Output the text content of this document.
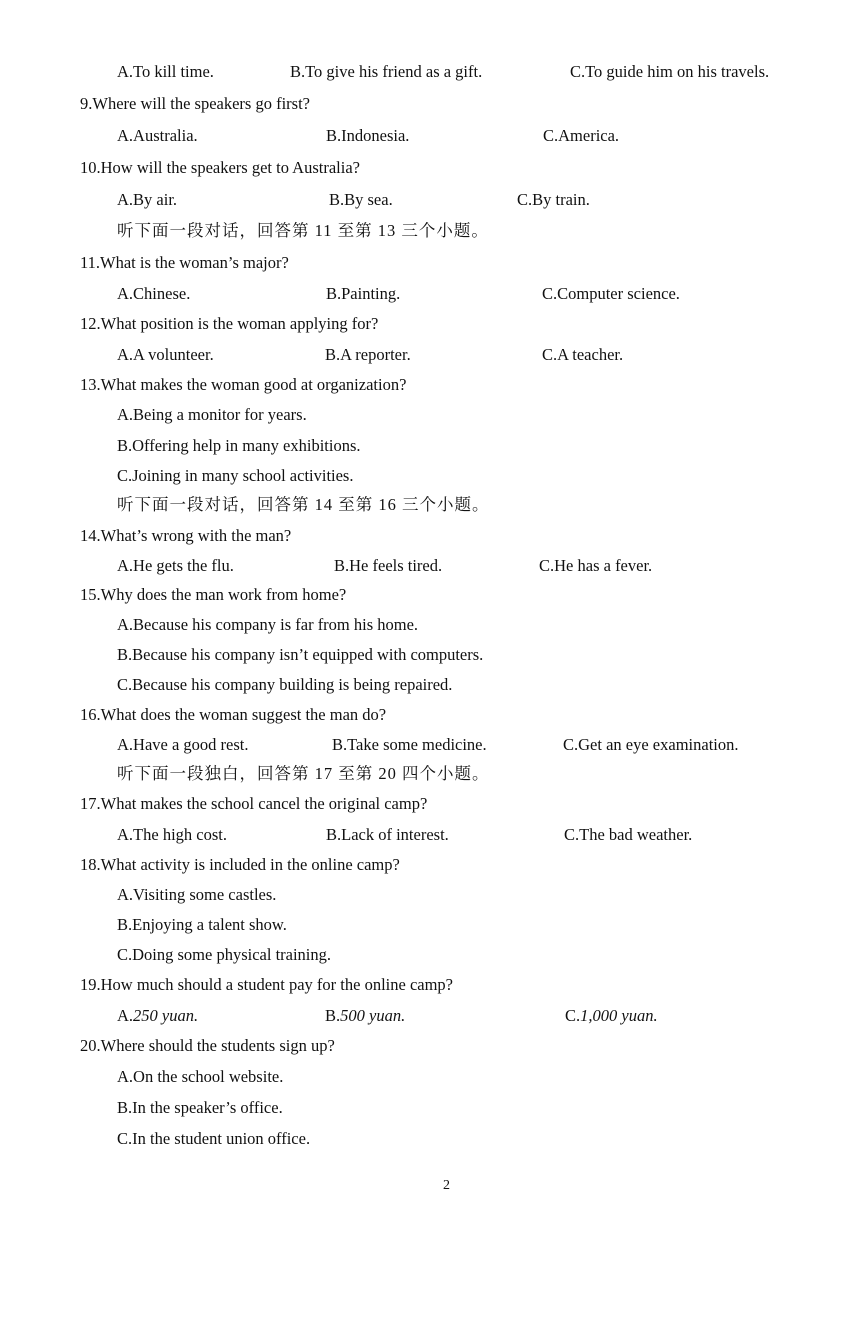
A.To kill time.	B.To give his friend as a gift.	C.To guide him on his travels.
9.Where will the speakers go first?
A.Australia.	B.Indonesia.	C.America.
10.How will the speakers get to Australia?
A.By air.	B.By sea.	C.By train.
听下面一段对话，回答第 11 至第 13 三个小题。
11.What is the woman’s major?
A.Chinese.	B.Painting.	C.Computer science.
12.What position is the woman applying for?
A.A volunteer.	B.A reporter.	C.A teacher.
13.What makes the woman good at organization?
A.Being a monitor for years.
B.Offering help in many exhibitions.
C.Joining in many school activities.
听下面一段对话，回答第 14 至第 16 三个小题。
14.What’s wrong with the man?
A.He gets the flu.	B.He feels tired.	C.He has a fever.
15.Why does the man work from home?
A.Because his company is far from his home.
B.Because his company isn’t equipped with computers.
C.Because his company building is being repaired.
16.What does the woman suggest the man do?
A.Have a good rest.	B.Take some medicine.	C.Get an eye examination.
听下面一段独白，回答第 17 至第 20 四个小题。
17.What makes the school cancel the original camp?
A.The high cost.	B.Lack of interest.	C.The bad weather.
18.What activity is included in the online camp?
A.Visiting some castles.
B.Enjoying a talent show.
C.Doing some physical training.
19.How much should a student pay for the online camp?
A.250 yuan.	B.500 yuan.	C.1,000 yuan.
20.Where should the students sign up?
A.On the school website.
B.In the speaker’s office.
C.In the student union office.
2
